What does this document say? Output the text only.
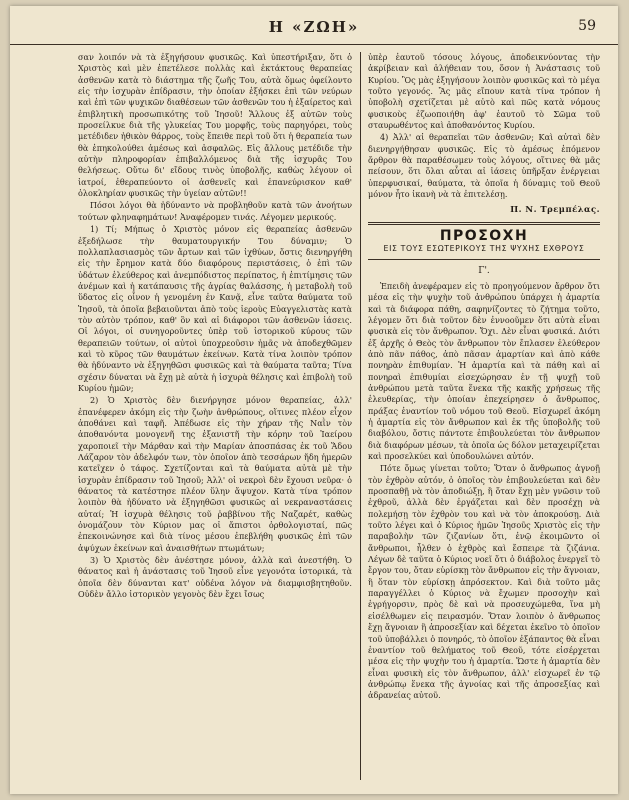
Η «ΖΩΗ»	59

σαν λοιπόν νὰ τὰ ἐξηγήσουν φυσικῶς. Καὶ ὑπεστήριξαν, ὅτι ὁ Χριστὸς καὶ μὲν ἐπετέλεσε πολλὰς καὶ ἐκτάκτους θεραπείας ἀσθενῶν κατὰ τὸ διάστημα τῆς ζωῆς Του, αὐτὰ ὅμως ὀφείλοντο εἰς τὴν ἰσχυρὰν ἐπίδρασιν, τὴν ὁποίαν ἐξήσκει ἐπὶ τῶν νεύρων καὶ ἐπὶ τῶν ψυχικῶν διαθέσεων τῶν ἀσθενῶν του ἡ ἐξαίρετος καὶ ἐπιβλητικὴ προσωπικότης τοῦ Ἰησοῦ! Ἄλλους ἐξ αὐτῶν τοὺς προσείλκυε διὰ τῆς γλυκείας Του μορφῆς, τοὺς παρηγόρει, τοὺς μετέδιδεν ἠθικὸν θάρρος, τοὺς ἔπειθε περὶ τοῦ ὅτι ἡ θεραπεία των θὰ ἐπηκολούθει ἀμέσως καὶ ἀσφαλῶς. Εἰς ἄλλους μετέδιδε τὴν αὐτὴν πληροφορίαν ἐπιβαλλόμενος διὰ τῆς ἰσχυρᾶς Του θελήσεως. Οὕτω δι' εἴδους τινὸς ὑποβολῆς, καθὼς λέγουν οἱ ἰατροί, ἐθεραπεύοντο οἱ ἀσθενεῖς καὶ ἐπανεύρισκον καθ' ὁλοκληρίαν φυσικῶς τὴν ὑγείαν αὐτῶν!!

Πόσοι λόγοι θὰ ἠδύναντο νὰ προβληθοῦν κατὰ τῶν ἀνοήτων τούτων φληναφημάτων! Ἀναφέρομεν τινάς. Λέγομεν μερικούς.

1) Τί; Μήπως ὁ Χριστὸς μόνον εἰς θεραπείας ἀσθενῶν ἐξεδήλωσε τὴν θαυματουργικήν Του δύναμιν; Ὁ πολλαπλασιασμὸς τῶν ἄρτων καὶ τῶν ἰχθύων, ὅστις διενηργήθη εἰς τὴν ἔρημον κατὰ δύο διαφόρους περιστάσεις, ὁ ἐπὶ τῶν ὑδάτων ἐλεύθερος καὶ ἀνεμπόδιστος περίπατος, ἡ ἐπιτίμησις τῶν ἀνέμων καὶ ἡ κατάπαυσις τῆς ἀγρίας θαλάσσης, ἡ μεταβολὴ τοῦ ὕδατος εἰς οἶνον ἡ γενομένη ἐν Κανᾷ, εἶνε ταῦτα θαύματα τοῦ Ἰησοῦ, τὰ ὁποῖα βεβαιοῦνται ἀπὸ τοὺς ἱεροὺς Εὐαγγελιστὰς κατὰ τὸν αὐτὸν τρόπον, καθ' ὃν καὶ αἱ διάφοροι τῶν ἀσθενῶν ἰάσεις. Οἱ λόγοι, οἱ συνηγοροῦντες ὑπὲρ τοῦ ἱστορικοῦ κύρους τῶν θεραπειῶν τούτων, οἱ αὐτοὶ ὑποχρεοῦσιν ἡμᾶς νὰ ἀποδεχθῶμεν καὶ τὸ κῦρος τῶν θαυμάτων ἐκείνων. Κατὰ τίνα λοιπὸν τρόπον θὰ ἠδύναντο νὰ ἐξηγηθῶσι φυσικῶς καὶ τὰ θαύματα ταῦτα; Τίνα σχέσιν δύναται νὰ ἔχῃ μὲ αὐτὰ ἡ ἰσχυρὰ θέλησις καὶ ἐπιβολὴ τοῦ Κυρίου ἡμῶν;

2) Ὁ Χριστὸς δὲν διενήργησε μόνον θεραπείας, ἀλλ' ἐπανέφερεν ἀκόμη εἰς τὴν ζωὴν ἀνθρώπους, οἵτινες πλέον εἶχον ἀποθάνει καὶ ταφῆ. Ἀπέδωσε εἰς τὴν χήραν τῆς Ναῒν τὸν ἀποθανόντα μονογενῆ της ἐξανιστῆ τὴν κόρην τοῦ Ἰαείρου χαροποιεῖ τὴν Μάρθαν καὶ τὴν Μαρίαν ἀποσπάσας ἐκ τοῦ Ἅδου Λάζαρον τὸν ἀδελφόν των, τὸν ὁποῖον ἀπὸ τεσσάρων ἤδη ἡμερῶν κατεῖχεν ὁ τάφος. Σχετίζονται καὶ τὰ θαύματα αὐτὰ μὲ τὴν ἰσχυρὰν ἐπίδρασιν τοῦ Ἰησοῦ; Ἀλλ' οἱ νεκροὶ δὲν ἔχουσι νεῦρα· ὁ θάνατος τὰ κατέστησε πλέον ὕλην ἄψυχον. Κατὰ τίνα τρόπον λοιπὸν θὰ ἠδύνατο νὰ ἐξηγηθῶσι φυσικῶς αἱ νεκραναστάσεις αὐταί; Ἡ ἰσχυρὰ θέλησις τοῦ ῥαββίνου τῆς Ναζαρέτ, καθὼς ὀνομάζουν τὸν Κύριον μας οἱ ἄπιστοι ὀρθολογισταί, πῶς ἐπεκοινώνησε καὶ διὰ τίνος μέσου ἐπεβλήθη φυσικῶς ἐπὶ τῶν ἀψύχων ἐκείνων καὶ ἀναισθήτων πτωμάτων;

3) Ὁ Χριστὸς δὲν ἀνέστησε μόνον, ἀλλὰ καὶ ἀνεστήθη. Ὁ θάνατος καὶ ἡ ἀνάστασις τοῦ Ἰησοῦ εἶνε γεγονότα ἱστορικά, τὰ ὁποῖα δὲν δύνανται κατ' οὐδένα λόγον νὰ διαμφισβητηθοῦν. Οὐδὲν ἄλλο ἱστορικὸν γεγονὸς δὲν ἔχει ἴσως

ὑπὲρ ἑαυτοῦ τόσους λόγους, ἀποδεικνύοντας τὴν ἀκρίβειαν καὶ ἀλήθειαν του, ὅσον ἡ Ἀνάστασις τοῦ Κυρίου. Ὃς μὰς ἐξηγήσουν λοιπὸν φυσικῶς καὶ τὸ μέγα τοῦτο γεγονός. Ἃς μᾶς εἴπουν κατὰ τίνα τρόπον ἡ ὑποβολὴ σχετίζεται μὲ αὐτὸ καὶ πῶς κατὰ νόμους φυσικοὺς ἐζωοποιήθη ἀφ' ἑαυτοῦ τὸ Σῶμα τοῦ σταυρωθέντος καὶ ἀποθανόντος Κυρίου.

4) Ἀλλ' αἱ θεραπεῖαι τῶν ἀσθενῶν; Καὶ αὐταὶ δὲν διενηργήθησαν φυσικῶς. Εἰς τὸ ἀμέσως ἑπόμενον ἄρθρον θὰ παραθέσωμεν τοὺς λόγους, οἵτινες θὰ μᾶς πείσουν, ὅτι ὅλαι αὗται αἱ ἰάσεις ὑπῆρξαν ἐνέργειαι ὑπερφυσικαί, θαύματα, τὰ ὁποῖα ἡ δύναμις τοῦ Θεοῦ μόνον ἦτο ἱκανὴ νὰ τὰ ἐπιτελέσῃ.

Π. Ν. Τρεμπέλας.
ΠΡΟΣΟΧΗ
ΕΙΣ ΤΟΥΣ ΕΣΩΤΕΡΙΚΟΥΣ ΤΗΣ ΨΥΧΗΣ ΕΧΘΡΟΥΣ
Γ'.

Ἐπειδὴ ἀνεφέραμεν εἰς τὸ προηγούμενον ἄρθρον ὅτι μέσα εἰς τὴν ψυχὴν τοῦ ἀνθρώπου ὑπάρχει ἡ ἁμαρτία καὶ τὰ διάφορα πάθη, σαφηνίζοντες τὸ ζήτημα τοῦτο, λέγομεν ὅτι διὰ τοῦτον δὲν ἐννοοῦμεν ὅτι αὐτὰ εἶναι φυσικὰ εἰς τὸν ἄνθρωπον. Ὄχι. Δὲν εἶναι φυσικά. Διότι ἐξ ἀρχῆς ὁ Θεὸς τὸν ἄνθρωπον τὸν ἔπλασεν ἐλεύθερον ἀπὸ πᾶν πάθος, ἀπὸ πᾶσαν ἁμαρτίαν καὶ ἀπὸ κάθε πονηρὰν ἐπιθυμίαν. Ἡ ἁμαρτία καὶ τὰ πάθη καὶ αἱ πονηραὶ ἐπιθυμίαι εἰσεχώρησαν ἐν τῇ ψυχῇ τοῦ ἀνθρώπου μετὰ ταῦτα ἕνεκα τῆς κακῆς χρήσεως τῆς ἐλευθερίας, τὴν ὁποίαν ἐπεχείρησεν ὁ ἄνθρωπος, πράξας ἐναντίον τοῦ νόμου τοῦ Θεοῦ. Εἰσχωρεῖ ἀκόμη ἡ ἁμαρτία εἰς τὸν ἄνθρωπον καὶ ἐκ τῆς ὑποβολῆς τοῦ διαβόλου, ὅστις πάντοτε ἐπιβουλεύεται τὸν ἄνθρωπον διὰ διαφόρων μέσων, τὰ ὁποῖα ὡς δόλον μεταχειρίζεται καὶ προσελκύει καὶ ὑποδουλώνει αὐτόν.

Πότε ὅμως γίνεται τοῦτο; Ὅταν ὁ ἄνθρωπος ἀγνοῇ τὸν ἐχθρὸν αὐτόν, ὁ ὁποῖος τὸν ἐπιβουλεύεται καὶ δὲν προσπαθῇ νὰ τὸν ἀποδιώξῃ, ἢ ὅταν ἔχῃ μὲν γνῶσιν τοῦ ἐχθροῦ, ἀλλὰ δὲν ἐργάζεται καὶ δὲν προσέχῃ νὰ πολεμήσῃ τὸν ἐχθρὸν του καὶ νὰ τὸν ἀποκρούσῃ. Διὰ τοῦτο λέγει καὶ ὁ Κύριος ἡμῶν Ἰησοῦς Χριστὸς εἰς τὴν παραβολὴν τῶν ζιζανίων ὅτι, ἐνῷ ἐκοιμῶντο οἱ ἄνθρωποι, ἦλθεν ὁ ἐχθρὸς καὶ ἔσπειρε τὰ ζιζάνια. Λέγων δὲ ταῦτα ὁ Κύριος νοεῖ ὅτι ὁ διάβολος ἐνεργεῖ τὸ ἔργον του, ὅταν εὑρίσκῃ τὸν ἄνθρωπον εἰς τὴν ἄγνοιαν, ἢ ὅταν τὸν εὑρίσκῃ ἀπρόσεκτον. Καὶ διὰ τοῦτο μᾶς παραγγέλλει ὁ Κύριος νὰ ἔχωμεν προσοχὴν καὶ ἐγρήγορσιν, πρὸς δὲ καὶ νὰ προσευχώμεθα, ἵνα μὴ εἰσέλθωμεν εἰς πειρασμόν. Ὅταν λοιπὸν ὁ ἄνθρωπος ἔχῃ ἄγνοιαν ἢ ἀπροσεξίαν καὶ δέχεται ἐκεῖνο τὸ ὁποῖον τοῦ ὑποβάλλει ὁ πονηρός, τὸ ὁποῖον ἐξάπαντος θὰ εἶναι ἐναντίον τοῦ θελήματος τοῦ Θεοῦ, τότε εἰσέρχεται μέσα εἰς τὴν ψυχὴν του ἡ ἁμαρτία. Ὥστε ἡ ἁμαρτία δὲν εἶναι φυσικὴ εἰς τὸν ἄνθρωπον, ἀλλ' εἰσχωρεῖ ἐν τῷ ἀνθρώπῳ ἕνεκα τῆς ἀγνοίας καὶ τῆς ἀπροσεξίας καὶ ἀδρανείας αὐτοῦ.
